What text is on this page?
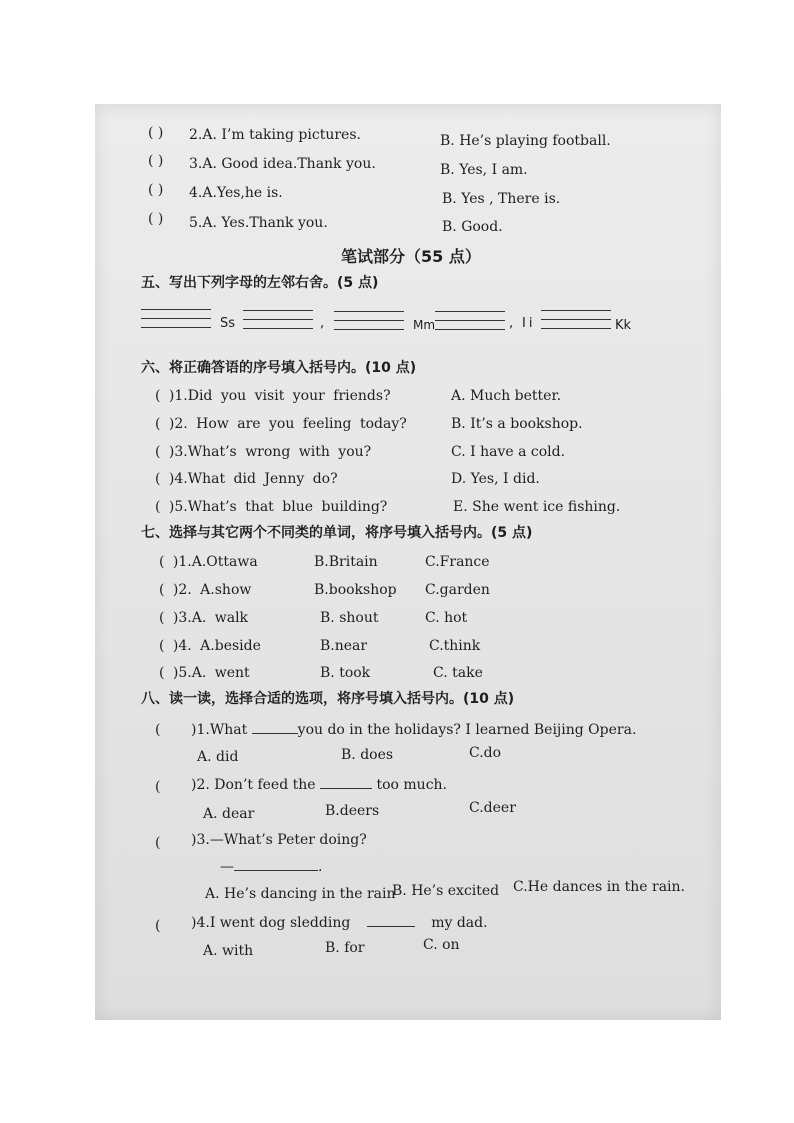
( ) 2.A. I’m taking pictures.	B. He’s playing football.
( ) 3.A. Good idea.Thank you.	B. Yes, I am.
( ) 4.A.Yes,he is.	B. Yes , There is.
( ) 5.A. Yes.Thank you.	B. Good.
笔试部分（55 点）
五、写出下列字母的左邻右舍。(5 点)
Ss	,	Mm	, Ii	Kk
六、将正确答语的序号填入括号内。(10 点)
( )1.Did you visit your friends?	A. Much better.
( )2. How are you feeling today?	B. It’s a bookshop.
( )3.What’s wrong with you?	C. I have a cold.
( )4.What did Jenny do?	D. Yes, I did.
( )5.What’s that blue building?	E. She went ice fishing.
七、选择与其它两个不同类的单词，将序号填入括号内。(5 点)
( )1.A.Ottawa	B.Britain	C.France
( )2. A.show	B.bookshop C.garden
( )3.A. walk	B. shout	C. hot
( )4. A.beside	B.near	C.think
( )5.A. went	B. took	C. take
八、读一读，选择合适的选项，将序号填入括号内。(10 点)
( )1.What	you do in the holidays? I learned Beijing Opera.
A. did	B. does	C.do
( )2. Don’t feed the	too much.
A. dear	B.deers	C.deer
( )3.—What’s Peter doing?
—	.
A. He’s dancing in the rain
B. He’s excited C.He dances in the rain.
( )4.I went dog sledding	my dad.
A. with	B. for	C. on
